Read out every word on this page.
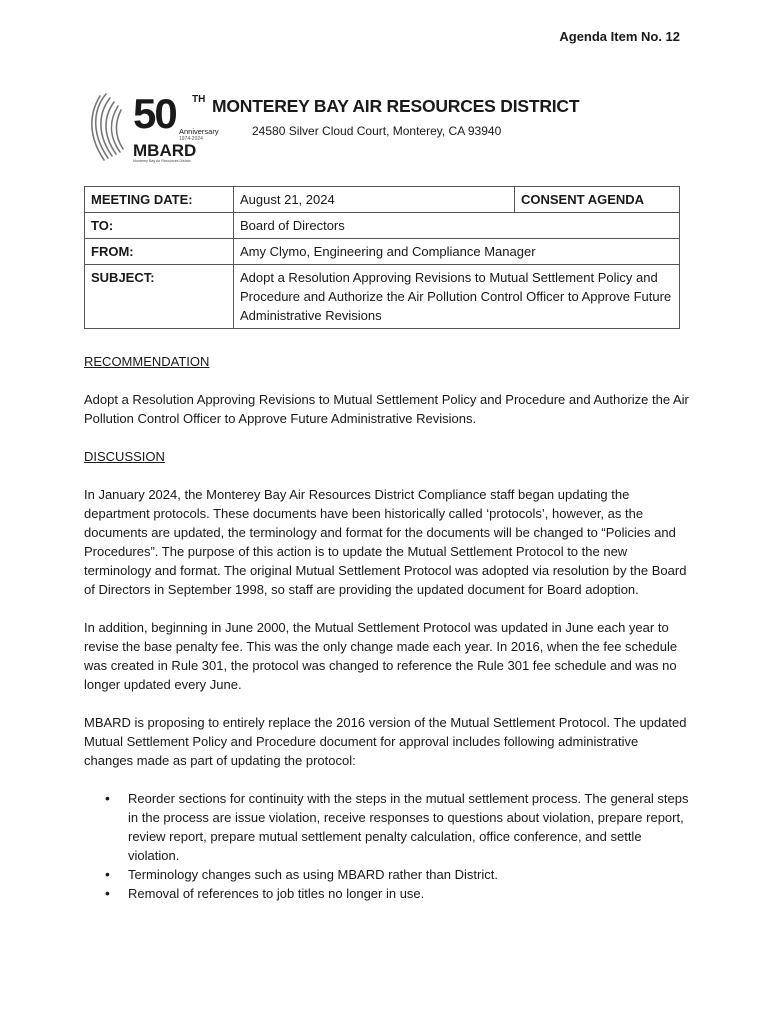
Agenda Item No. 12
50 TH
Anniversary
1974-2024
MBARD
Monterey Bay Air Resources District
MONTEREY BAY AIR RESOURCES DISTRICT
24580 Silver Cloud Court, Monterey, CA 93940
MEETING DATE:	August 21, 2024	CONSENT AGENDA
TO:	Board of Directors	
FROM:	Amy Clymo, Engineering and Compliance Manager	
SUBJECT:	Adopt a Resolution Approving Revisions to Mutual Settlement Policy and Procedure and Authorize the Air Pollution Control Officer to Approve Future Administrative Revisions	
RECOMMENDATION

Adopt a Resolution Approving Revisions to Mutual Settlement Policy and Procedure and Authorize the Air Pollution Control Officer to Approve Future Administrative Revisions.

DISCUSSION

In January 2024, the Monterey Bay Air Resources District Compliance staff began updating the department protocols. These documents have been historically called ‘protocols’, however, as the documents are updated, the terminology and format for the documents will be changed to “Policies and Procedures”. The purpose of this action is to update the Mutual Settlement Protocol to the new terminology and format. The original Mutual Settlement Protocol was adopted via resolution by the Board of Directors in September 1998, so staff are providing the updated document for Board adoption.

In addition, beginning in June 2000, the Mutual Settlement Protocol was updated in June each year to revise the base penalty fee. This was the only change made each year. In 2016, when the fee schedule was created in Rule 301, the protocol was changed to reference the Rule 301 fee schedule and was no longer updated every June.

MBARD is proposing to entirely replace the 2016 version of the Mutual Settlement Protocol. The updated Mutual Settlement Policy and Procedure document for approval includes following administrative changes made as part of updating the protocol:

• Reorder sections for continuity with the steps in the mutual settlement process. The general steps in the process are issue violation, receive responses to questions about violation, prepare report, review report, prepare mutual settlement penalty calculation, office conference, and settle violation.
• Terminology changes such as using MBARD rather than District.
• Removal of references to job titles no longer in use.
